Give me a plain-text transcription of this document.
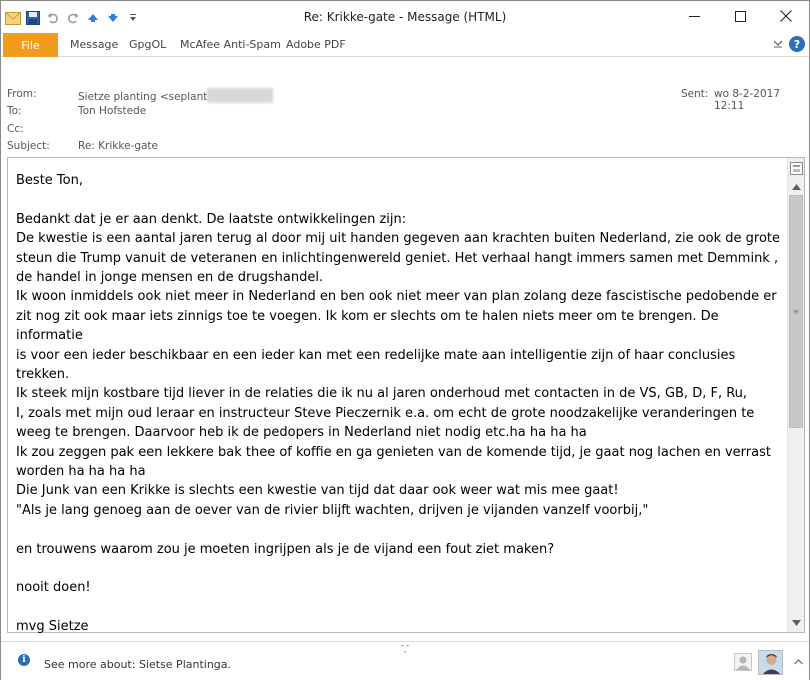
Re: Krikke-gate - Message (HTML)
File	Message GpgOL McAfee Anti-Spam Adobe PDF	?
From:	Sietze planting <seplant	Sent: wo 8-2-2017 12:11
To:	Ton Hofstede
Cc:
Subject:	Re: Krikke-gate

Beste Ton,

Bedankt dat je er aan denkt. De laatste ontwikkelingen zijn:

De kwestie is een aantal jaren terug al door mij uit handen gegeven aan krachten buiten Nederland, zie ook de grote

steun die Trump vanuit de veteranen en inlichtingenwereld geniet. Het verhaal hangt immers samen met Demmink ,

de handel in jonge mensen en de drugshandel.

Ik woon inmiddels ook niet meer in Nederland en ben ook niet meer van plan zolang deze fascistische pedobende er

zit nog zit ook maar iets zinnigs toe te voegen. Ik kom er slechts om te halen niets meer om te brengen. De informatie

is voor een ieder beschikbaar en een ieder kan met een redelijke mate aan intelligentie zijn of haar conclusies

trekken.

Ik steek mijn kostbare tijd liever in de relaties die ik nu al jaren onderhoud met contacten in de VS, GB, D, F, Ru,

I, zoals met mijn oud leraar en instructeur Steve Pieczernik e.a. om echt de grote noodzakelijke veranderingen te

weeg te brengen. Daarvoor heb ik de pedopers in Nederland niet nodig etc.ha ha ha ha

Ik zou zeggen pak een lekkere bak thee of koffie en ga genieten van de komende tijd, je gaat nog lachen en verrast

worden ha ha ha ha

Die Junk van een Krikke is slechts een kwestie van tijd dat daar ook weer wat mis mee gaat!

"Als je lang genoeg aan de oever van de rivier blijft wachten, drijven je vijanden vanzelf voorbij,"

en trouwens waarom zou je moeten ingrijpen als je de vijand een fout ziet maken?

nooit doen!

mvg Sietze

≡
• • •
i	See more about: Sietse Plantinga.
